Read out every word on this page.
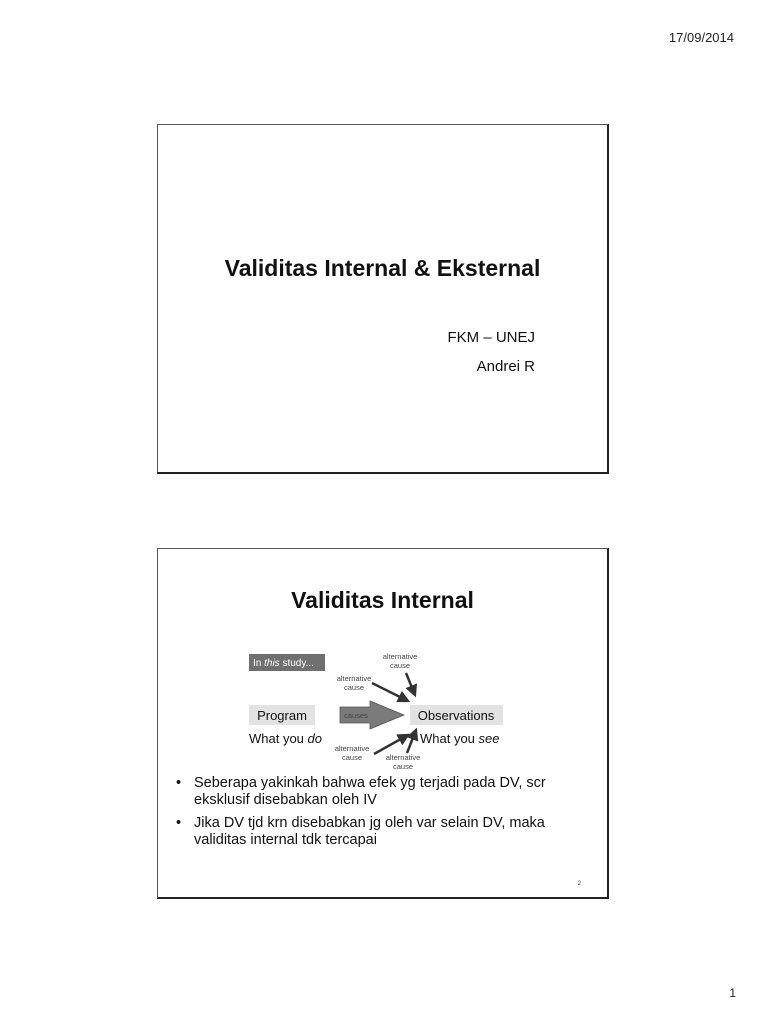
17/09/2014
Validitas Internal & Eksternal
FKM – UNEJ
Andrei R
Validitas Internal
In this study...
alternative
cause
alternative
cause
alternative
cause	alternative
cause
Program	causes	Observations
What you do	What you see
• Seberapa yakinkah bahwa efek yg terjadi pada DV, scr eksklusif disebabkan oleh IV
• Jika DV tjd krn disebabkan jg oleh var selain DV, maka validitas internal tdk tercapai
2
1
